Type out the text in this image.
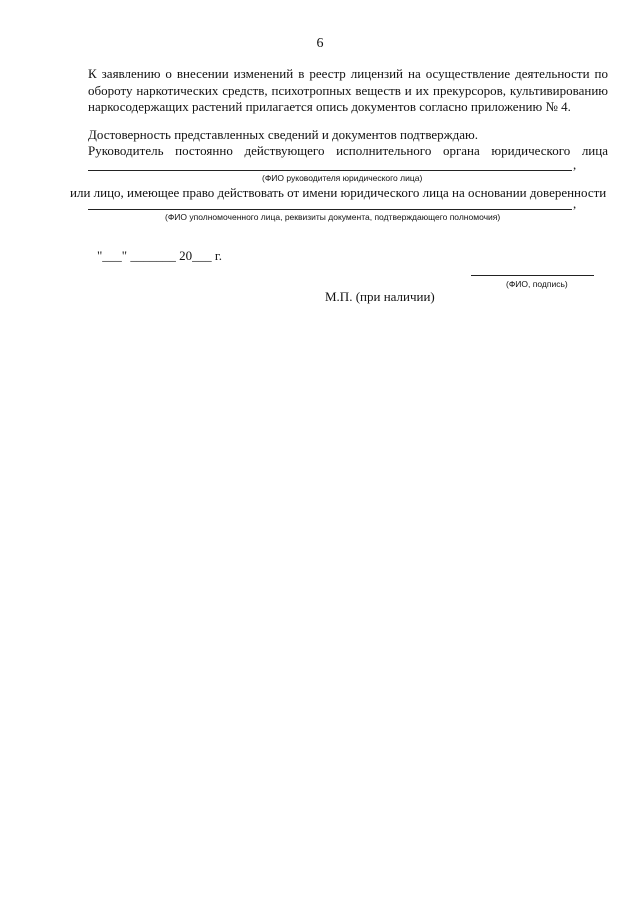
6

К заявлению о внесении изменений в реестр лицензий на осуществление деятельности по обороту наркотических средств, психотропных веществ и их прекурсоров, культивированию наркосодержащих растений прилагается опись документов согласно приложению № 4.

Достоверность представленных сведений и документов подтверждаю.
Руководитель постоянно действующего исполнительного органа юридического лица
,
(ФИО руководителя юридического лица)
или лицо, имеющее право действовать от имени юридического лица на основании доверенности
,
(ФИО уполномоченного лица, реквизиты документа, подтверждающего полномочия)
"___" _______ 20___ г.
(ФИО, подпись)
М.П. (при наличии)
